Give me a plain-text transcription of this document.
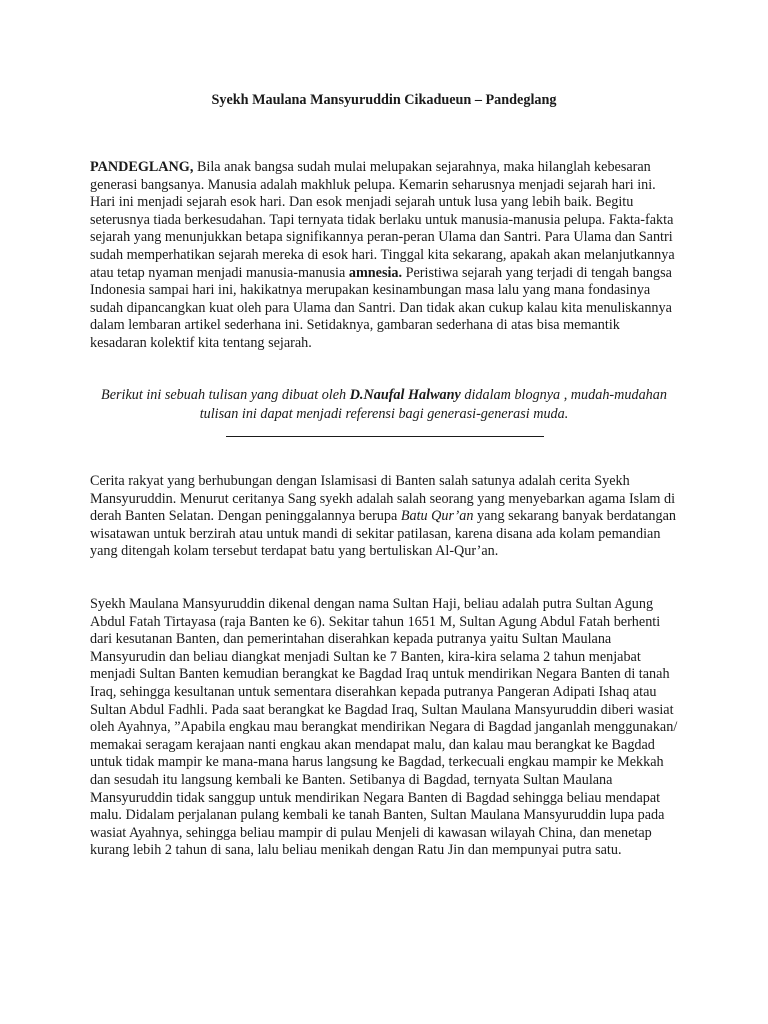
Syekh Maulana Mansyuruddin Cikadueun – Pandeglang

PANDEGLANG, Bila anak bangsa sudah mulai melupakan sejarahnya, maka hilanglah kebesaran generasi bangsanya. Manusia adalah makhluk pelupa. Kemarin seharusnya menjadi sejarah hari ini. Hari ini menjadi sejarah esok hari. Dan esok menjadi sejarah untuk lusa yang lebih baik. Begitu seterusnya tiada berkesudahan. Tapi ternyata tidak berlaku untuk manusia-manusia pelupa. Fakta-fakta sejarah yang menunjukkan betapa signifikannya peran-peran Ulama dan Santri. Para Ulama dan Santri sudah memperhatikan sejarah mereka di esok hari. Tinggal kita sekarang, apakah akan melanjutkannya atau tetap nyaman menjadi manusia-manusia amnesia. Peristiwa sejarah yang terjadi di tengah bangsa Indonesia sampai hari ini, hakikatnya merupakan kesinambungan masa lalu yang mana fondasinya sudah dipancangkan kuat oleh para Ulama dan Santri. Dan tidak akan cukup kalau kita menuliskannya dalam lembaran artikel sederhana ini. Setidaknya, gambaran sederhana di atas bisa memantik kesadaran kolektif kita tentang sejarah.

Berikut ini sebuah tulisan yang dibuat oleh D.Naufal Halwany didalam blognya , mudah-mudahan tulisan ini dapat menjadi referensi bagi generasi-generasi muda.

Cerita rakyat yang berhubungan dengan Islamisasi di Banten salah satunya adalah cerita Syekh Mansyuruddin. Menurut ceritanya Sang syekh adalah salah seorang yang menyebarkan agama Islam di derah Banten Selatan. Dengan peninggalannya berupa Batu Qur’an yang sekarang banyak berdatangan wisatawan untuk berzirah atau untuk mandi di sekitar patilasan, karena disana ada kolam pemandian yang ditengah kolam tersebut terdapat batu yang bertuliskan Al-Qur’an.

Syekh Maulana Mansyuruddin dikenal dengan nama Sultan Haji, beliau adalah putra Sultan Agung Abdul Fatah Tirtayasa (raja Banten ke 6). Sekitar tahun 1651 M, Sultan Agung Abdul Fatah berhenti dari kesutanan Banten, dan pemerintahan diserahkan kepada putranya yaitu Sultan Maulana Mansyurudin dan beliau diangkat menjadi Sultan ke 7 Banten, kira-kira selama 2 tahun menjabat menjadi Sultan Banten kemudian berangkat ke Bagdad Iraq untuk mendirikan Negara Banten di tanah Iraq, sehingga kesultanan untuk sementara diserahkan kepada putranya Pangeran Adipati Ishaq atau Sultan Abdul Fadhli. Pada saat berangkat ke Bagdad Iraq, Sultan Maulana Mansyuruddin diberi wasiat oleh Ayahnya, ”Apabila engkau mau berangkat mendirikan Negara di Bagdad janganlah menggunakan/ memakai seragam kerajaan nanti engkau akan mendapat malu, dan kalau mau berangkat ke Bagdad untuk tidak mampir ke mana-mana harus langsung ke Bagdad, terkecuali engkau mampir ke Mekkah dan sesudah itu langsung kembali ke Banten. Setibanya di Bagdad, ternyata Sultan Maulana Mansyuruddin tidak sanggup untuk mendirikan Negara Banten di Bagdad sehingga beliau mendapat malu. Didalam perjalanan pulang kembali ke tanah Banten, Sultan Maulana Mansyuruddin lupa pada wasiat Ayahnya, sehingga beliau mampir di pulau Menjeli di kawasan wilayah China, dan menetap kurang lebih 2 tahun di sana, lalu beliau menikah dengan Ratu Jin dan mempunyai putra satu.
